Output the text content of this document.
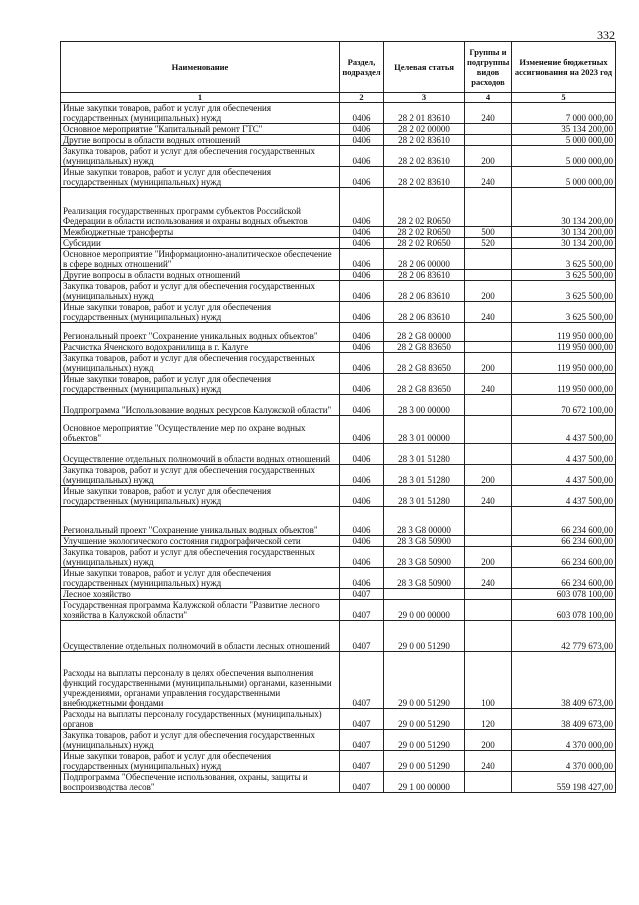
332
Наименование	Раздел, подраздел	Целевая статья	Группы и подгруппы видов расходов	Изменение бюджетных ассигнования на 2023 год
1	2	3	4	5

Иные закупки товаров, работ и услуг для обеспечения государственных (муниципальных) нужд	0406	28 2 01 83610	240	7 000 000,00

Основное мероприятие "Капитальный ремонт ГТС"	0406	28 2 02 00000		35 134 200,00

Другие вопросы в области водных отношений	0406	28 2 02 83610		5 000 000,00

Закупка товаров, работ и услуг для обеспечения государственных (муниципальных) нужд	0406	28 2 02 83610	200	5 000 000,00

Иные закупки товаров, работ и услуг для обеспечения государственных (муниципальных) нужд	0406	28 2 02 83610	240	5 000 000,00

Реализация государственных программ субъектов Российской Федерации в области использования и охраны водных объектов	0406	28 2 02 R0650		30 134 200,00

Межбюджетные трансферты	0406	28 2 02 R0650	500	30 134 200,00

Субсидии	0406	28 2 02 R0650	520	30 134 200,00

Основное мероприятие "Информационно-аналитическое обеспечение в сфере водных отношений"	0406	28 2 06 00000		3 625 500,00

Другие вопросы в области водных отношений	0406	28 2 06 83610		3 625 500,00

Закупка товаров, работ и услуг для обеспечения государственных (муниципальных) нужд	0406	28 2 06 83610	200	3 625 500,00

Иные закупки товаров, работ и услуг для обеспечения государственных (муниципальных) нужд	0406	28 2 06 83610	240	3 625 500,00

Региональный проект "Сохранение уникальных водных объектов"	0406	28 2 G8 00000		119 950 000,00

Расчистка Яченского водохранилища в г. Калуге	0406	28 2 G8 83650		119 950 000,00

Закупка товаров, работ и услуг для обеспечения государственных (муниципальных) нужд	0406	28 2 G8 83650	200	119 950 000,00

Иные закупки товаров, работ и услуг для обеспечения государственных (муниципальных) нужд	0406	28 2 G8 83650	240	119 950 000,00

Подпрограмма "Использование водных ресурсов Калужской области"	0406	28 3 00 00000		70 672 100,00

Основное мероприятие "Осуществление мер по охране водных объектов"	0406	28 3 01 00000		4 437 500,00

Осуществление отдельных полномочий в области водных отношений	0406	28 3 01 51280		4 437 500,00

Закупка товаров, работ и услуг для обеспечения государственных (муниципальных) нужд	0406	28 3 01 51280	200	4 437 500,00

Иные закупки товаров, работ и услуг для обеспечения государственных (муниципальных) нужд	0406	28 3 01 51280	240	4 437 500,00

Региональный проект "Сохранение уникальных водных объектов"	0406	28 3 G8 00000		66 234 600,00

Улучшение экологического состояния гидрографической сети	0406	28 3 G8 50900		66 234 600,00

Закупка товаров, работ и услуг для обеспечения государственных (муниципальных) нужд	0406	28 3 G8 50900	200	66 234 600,00

Иные закупки товаров, работ и услуг для обеспечения государственных (муниципальных) нужд	0406	28 3 G8 50900	240	66 234 600,00

Лесное хозяйство	0407			603 078 100,00

Государственная программа Калужской области "Развитие лесного хозяйства в Калужской области"	0407	29 0 00 00000		603 078 100,00

Осуществление отдельных полномочий в области лесных отношений	0407	29 0 00 51290		42 779 673,00

Расходы на выплаты персоналу в целях обеспечения выполнения функций государственными (муниципальными) органами, казенными учреждениями, органами управления государственными внебюджетными фондами	0407	29 0 00 51290	100	38 409 673,00

Расходы на выплаты персоналу государственных (муниципальных) органов	0407	29 0 00 51290	120	38 409 673,00

Закупка товаров, работ и услуг для обеспечения государственных (муниципальных) нужд	0407	29 0 00 51290	200	4 370 000,00

Иные закупки товаров, работ и услуг для обеспечения государственных (муниципальных) нужд	0407	29 0 00 51290	240	4 370 000,00

Подпрограмма "Обеспечение использования, охраны, защиты и воспроизводства лесов"	0407	29 1 00 00000		559 198 427,00
